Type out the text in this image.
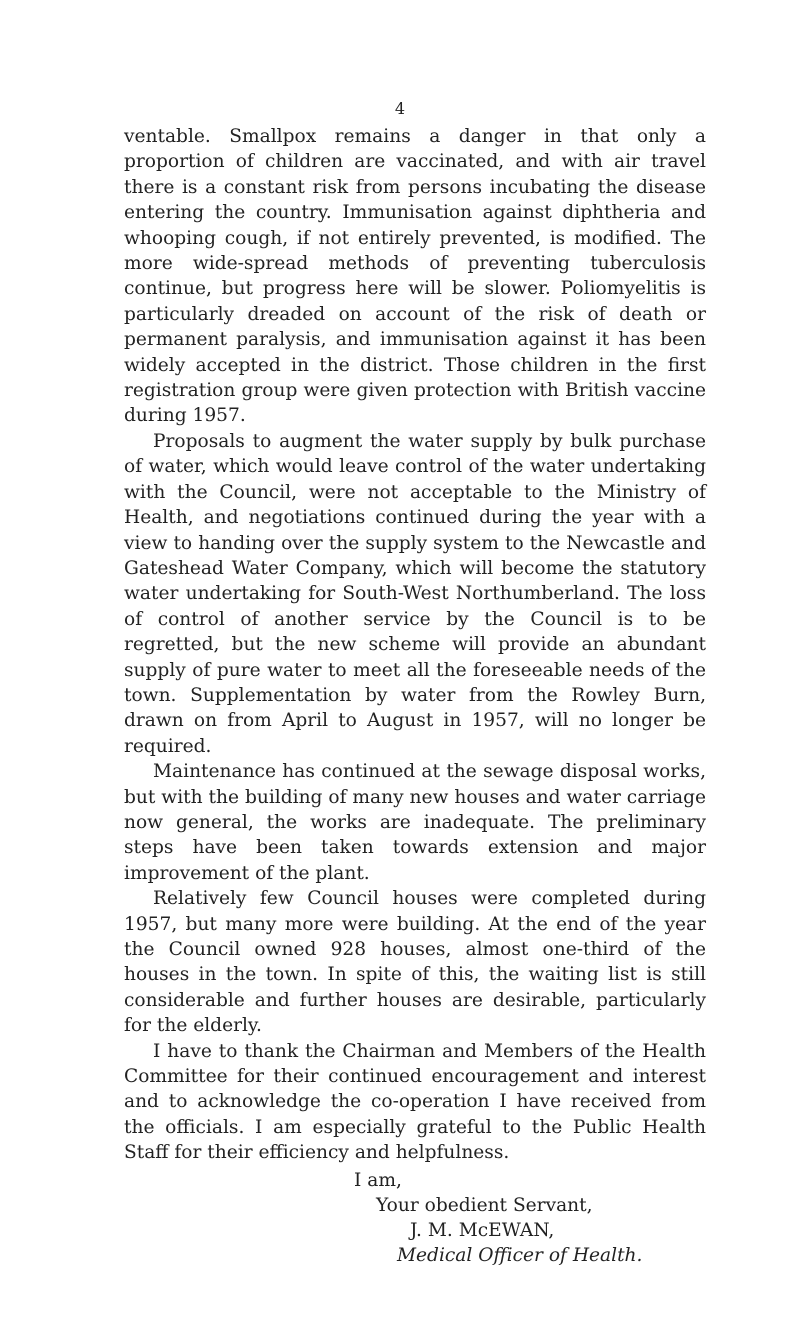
4

ventable. Smallpox remains a danger in that only a proportion of children are vaccinated, and with air travel there is a constant risk from persons incubating the disease entering the country. Immunisation against diphtheria and whooping cough, if not entirely prevented, is modified. The more wide-spread methods of preventing tuberculosis continue, but progress here will be slower. Poliomyelitis is particularly dreaded on account of the risk of death or permanent paralysis, and immunisation against it has been widely accepted in the district. Those children in the first registration group were given protection with British vaccine during 1957.

Proposals to augment the water supply by bulk purchase of water, which would leave control of the water undertaking with the Council, were not acceptable to the Ministry of Health, and negotiations continued during the year with a view to handing over the supply system to the Newcastle and Gateshead Water Company, which will become the statutory water undertaking for South-West Northumberland. The loss of control of another service by the Council is to be regretted, but the new scheme will provide an abundant supply of pure water to meet all the foreseeable needs of the town. Supplementation by water from the Rowley Burn, drawn on from April to August in 1957, will no longer be required.

Maintenance has continued at the sewage disposal works, but with the building of many new houses and water carriage now general, the works are inadequate. The preliminary steps have been taken towards extension and major improvement of the plant.

Relatively few Council houses were completed during 1957, but many more were building. At the end of the year the Council owned 928 houses, almost one-third of the houses in the town. In spite of this, the waiting list is still considerable and further houses are desirable, particularly for the elderly.

I have to thank the Chairman and Members of the Health Committee for their continued encouragement and interest and to acknowledge the co-operation I have received from the officials. I am especially grateful to the Public Health Staff for their efficiency and helpfulness.

I am,
Your obedient Servant,
J. M. McEWAN,
Medical Officer of Health.
